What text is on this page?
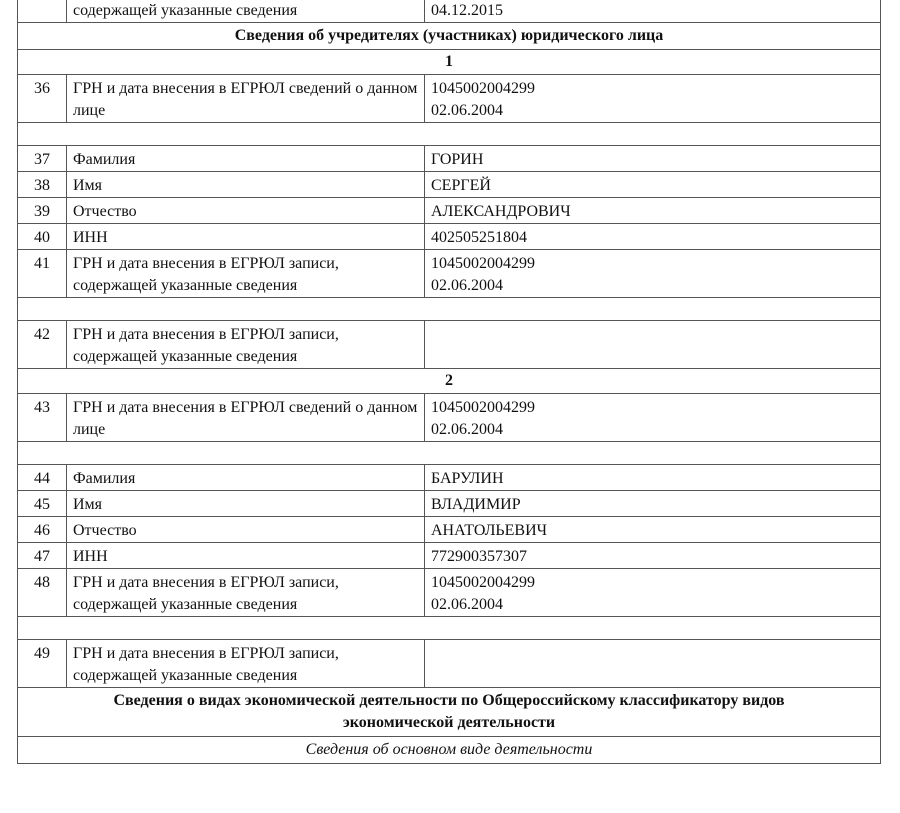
	содержащей указанные сведения	04.12.2015
Сведения об учредителях (участниках) юридического лица		
1		
36	ГРН и дата внесения в ЕГРЮЛ сведений о данном лице	1045002004299
02.06.2004

37	Фамилия	ГОРИН
38	Имя	СЕРГЕЙ
39	Отчество	АЛЕКСАНДРОВИЧ
40	ИНН	402505251804
41	ГРН и дата внесения в ЕГРЮЛ записи, содержащей указанные сведения	1045002004299
02.06.2004

42	ГРН и дата внесения в ЕГРЮЛ записи, содержащей указанные сведения	
2		
43	ГРН и дата внесения в ЕГРЮЛ сведений о данном лице	1045002004299
02.06.2004

44	Фамилия	БАРУЛИН
45	Имя	ВЛАДИМИР
46	Отчество	АНАТОЛЬЕВИЧ
47	ИНН	772900357307
48	ГРН и дата внесения в ЕГРЮЛ записи, содержащей указанные сведения	1045002004299
02.06.2004

49	ГРН и дата внесения в ЕГРЮЛ записи, содержащей указанные сведения	
Сведения о видах экономической деятельности по Общероссийскому классификатору видов экономической деятельности		
Сведения об основном виде деятельности		
